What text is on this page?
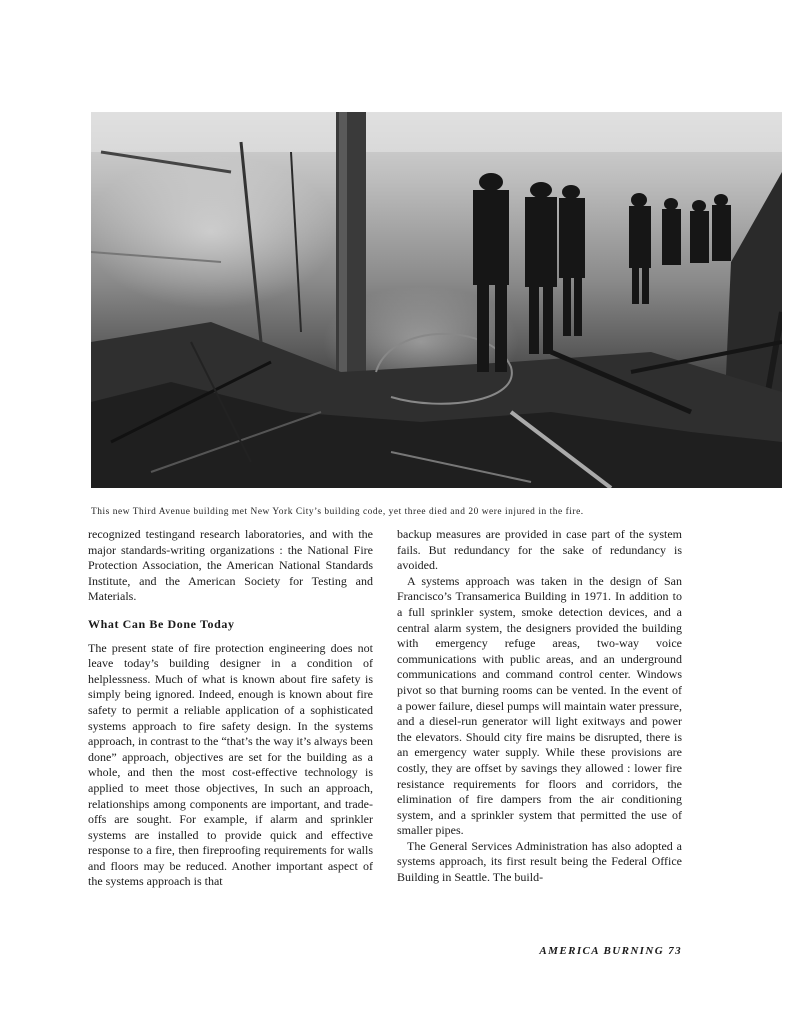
This new Third Avenue building met New York City’s building code, yet three died and 20 were injured in the fire.

recognized testingand research laboratories, and with the major standards-writing organizations : the National Fire Protection Association, the American National Standards Institute, and the American Society for Testing and Materials.

What Can Be Done Today

The present state of fire protection engineering does not leave today’s building designer in a condition of helplessness. Much of what is known about fire safety is simply being ignored. Indeed, enough is known about fire safety to permit a reliable application of a sophisticated systems approach to fire safety design. In the systems approach, in contrast to the “that’s the way it’s always been done” approach, objectives are set for the building as a whole, and then the most cost-effective technology is applied to meet those objectives, In such an approach, relationships among components are important, and trade-offs are sought. For example, if alarm and sprinkler systems are installed to provide quick and effective response to a fire, then fireproofing requirements for walls and floors may be reduced. Another important aspect of the systems approach is that

backup measures are provided in case part of the system fails. But redundancy for the sake of redundancy is avoided.

A systems approach was taken in the design of San Francisco’s Transamerica Building in 1971. In addition to a full sprinkler system, smoke detection devices, and a central alarm system, the designers provided the building with emergency refuge areas, two-way voice communications with public areas, and an underground communications and command control center. Windows pivot so that burning rooms can be vented. In the event of a power failure, diesel pumps will maintain water pressure, and a diesel-run generator will light exitways and power the elevators. Should city fire mains be disrupted, there is an emergency water supply. While these provisions are costly, they are offset by savings they allowed : lower fire resistance requirements for floors and corridors, the elimination of fire dampers from the air conditioning system, and a sprinkler system that permitted the use of smaller pipes.

The General Services Administration has also adopted a systems approach, its first result being the Federal Office Building in Seattle. The build-

AMERICA BURNING 73
